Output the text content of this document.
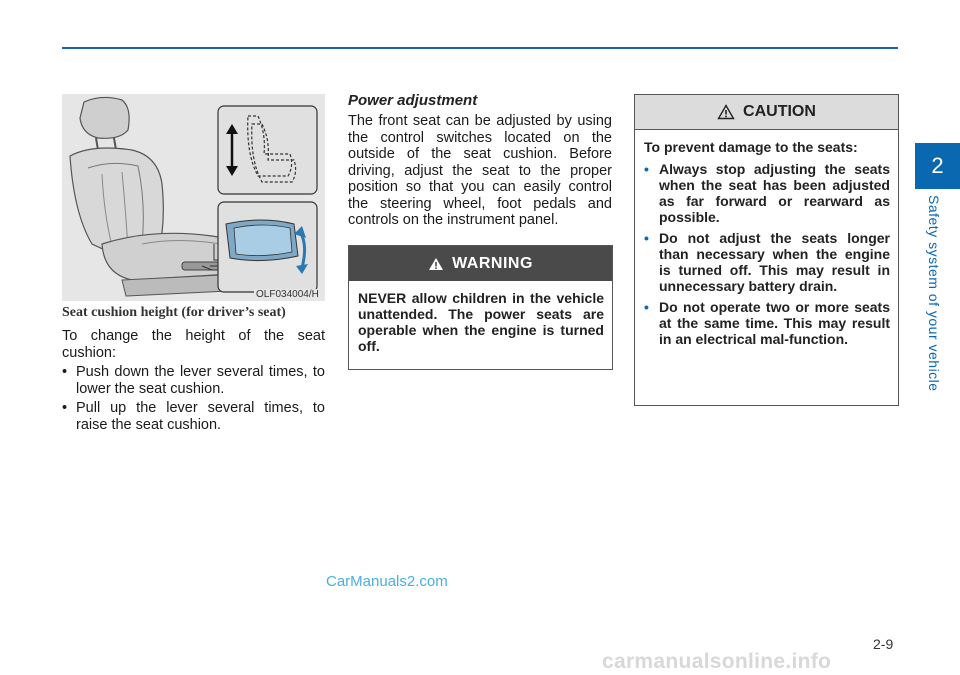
2
Safety system of your vehicle
OLF034004/H
Seat cushion height (for driver’s seat)
To change the height of the seat cushion:
• Push down the lever several times, to lower the seat cushion.
• Pull up the lever several times, to raise the seat cushion.
Power adjustment
The front seat can be adjusted by using the control switches located on the outside of the seat cushion. Before driving, adjust the seat to the proper position so that you can easily control the steering wheel, foot pedals and controls on the instrument panel.
WARNING
NEVER allow children in the vehicle unattended. The power seats are operable when the engine is turned off.
CAUTION
To prevent damage to the seats:
• Always stop adjusting the seats when the seat has been adjusted as far forward or rearward as possible.
• Do not adjust the seats longer than necessary when the engine is turned off. This may result in unnecessary battery drain.
• Do not operate two or more seats at the same time. This may result in an electrical mal-function.
2-9
CarManuals2.com
carmanualsonline.info
